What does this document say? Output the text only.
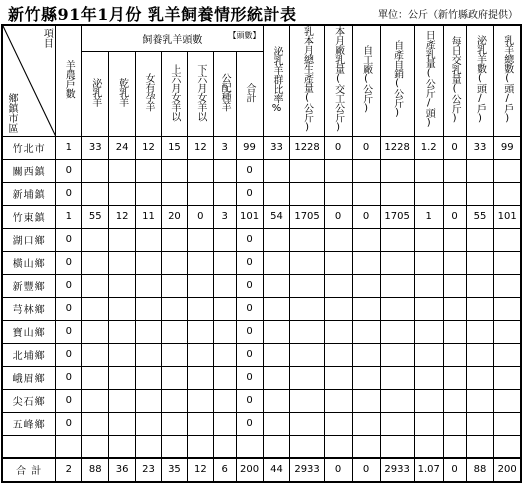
新竹縣91年1月份 乳羊飼養情形統計表	單位：公斤（新竹縣政府提供）
項目
鄉鎮市區	羊農戶數	飼養乳羊頭數 【頭數】							泌乳羊群比率%	乳本月總生產量(公斤)	本月廠乳量(交工公斤)	自工廠(公斤)	自產自銷(公斤)	日產乳量(公斤/頭)	每日交乳量(公斤)	泌乳羊數(頭/戶)	乳羊總數(頭/戶)
		泌乳羊	乾乳羊	女有孕羊	上六月女羊以	下六月女羊以	公配種羊	合計									
竹北市	1	33	24	12	15	12	3	99	33	1228	0	0	1228	1.2	0	33	99
關西鎮	0							0									
新埔鎮	0							0									
竹東鎮	1	55	12	11	20	0	3	101	54	1705	0	0	1705	1	0	55	101
湖口鄉	0							0									
橫山鄉	0							0									
新豐鄉	0							0									
芎林鄉	0							0									
寶山鄉	0							0									
北埔鄉	0							0									
峨眉鄉	0							0									
尖石鄉	0							0									
五峰鄉	0							0									

合 計	2	88	36	23	35	12	6	200	44	2933	0	0	2933	1.07	0	88	200
